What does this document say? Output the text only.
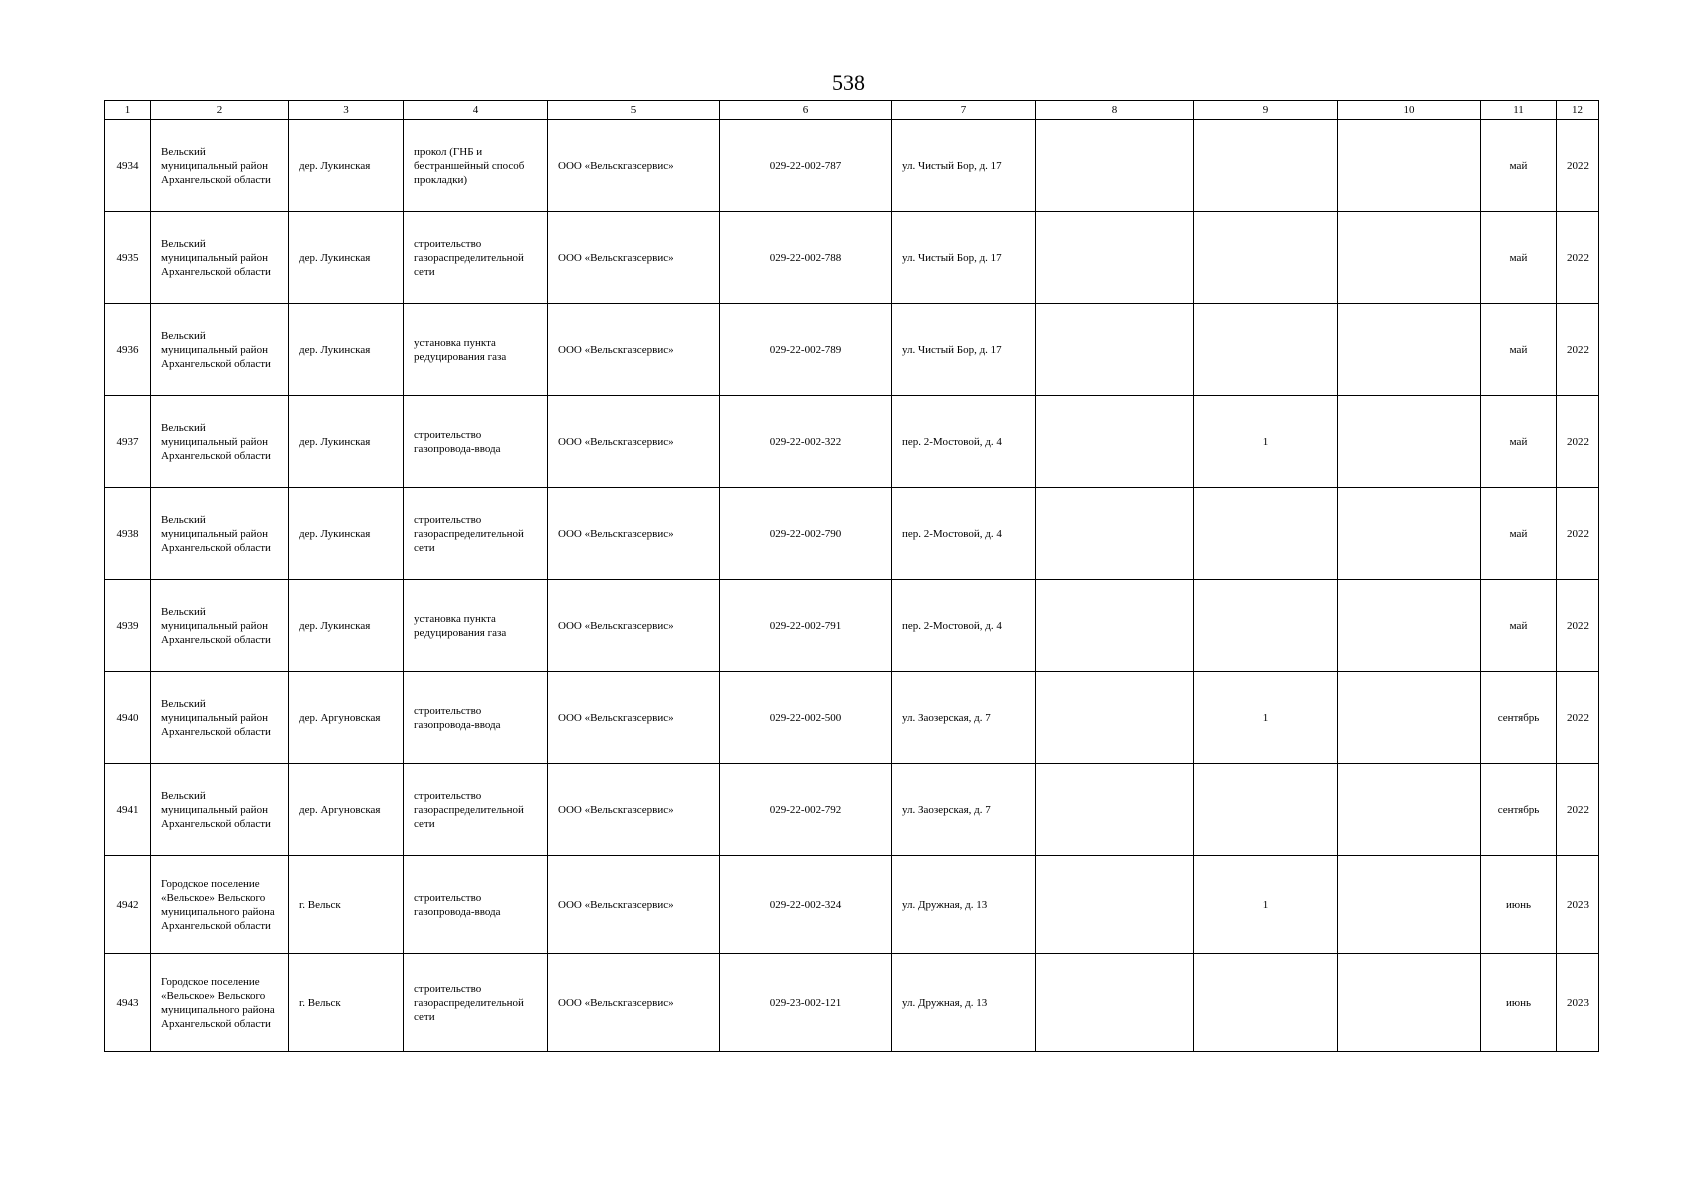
538
1	2	3	4	5	6	7	8	9	10	11	12
4934	Вельский муниципальный район Архангельской области	дер. Лукинская	прокол (ГНБ и бестраншейный способ прокладки)	ООО «Вельскгазсервис»	029-22-002-787	ул. Чистый Бор, д. 17				май	2022
4935	Вельский муниципальный район Архангельской области	дер. Лукинская	строительство газораспределительной сети	ООО «Вельскгазсервис»	029-22-002-788	ул. Чистый Бор, д. 17				май	2022
4936	Вельский муниципальный район Архангельской области	дер. Лукинская	установка пункта редуцирования газа	ООО «Вельскгазсервис»	029-22-002-789	ул. Чистый Бор, д. 17				май	2022
4937	Вельский муниципальный район Архангельской области	дер. Лукинская	строительство газопровода-ввода	ООО «Вельскгазсервис»	029-22-002-322	пер. 2-Мостовой, д. 4		1		май	2022
4938	Вельский муниципальный район Архангельской области	дер. Лукинская	строительство газораспределительной сети	ООО «Вельскгазсервис»	029-22-002-790	пер. 2-Мостовой, д. 4				май	2022
4939	Вельский муниципальный район Архангельской области	дер. Лукинская	установка пункта редуцирования газа	ООО «Вельскгазсервис»	029-22-002-791	пер. 2-Мостовой, д. 4				май	2022
4940	Вельский муниципальный район Архангельской области	дер. Аргуновская	строительство газопровода-ввода	ООО «Вельскгазсервис»	029-22-002-500	ул. Заозерская, д. 7		1		сентябрь	2022
4941	Вельский муниципальный район Архангельской области	дер. Аргуновская	строительство газораспределительной сети	ООО «Вельскгазсервис»	029-22-002-792	ул. Заозерская, д. 7				сентябрь	2022
4942	Городское поселение «Вельское» Вельского муниципального района Архангельской области	г. Вельск	строительство газопровода-ввода	ООО «Вельскгазсервис»	029-22-002-324	ул. Дружная, д. 13		1		июнь	2023
4943	Городское поселение «Вельское» Вельского муниципального района Архангельской области	г. Вельск	строительство газораспределительной сети	ООО «Вельскгазсервис»	029-23-002-121	ул. Дружная, д. 13				июнь	2023
